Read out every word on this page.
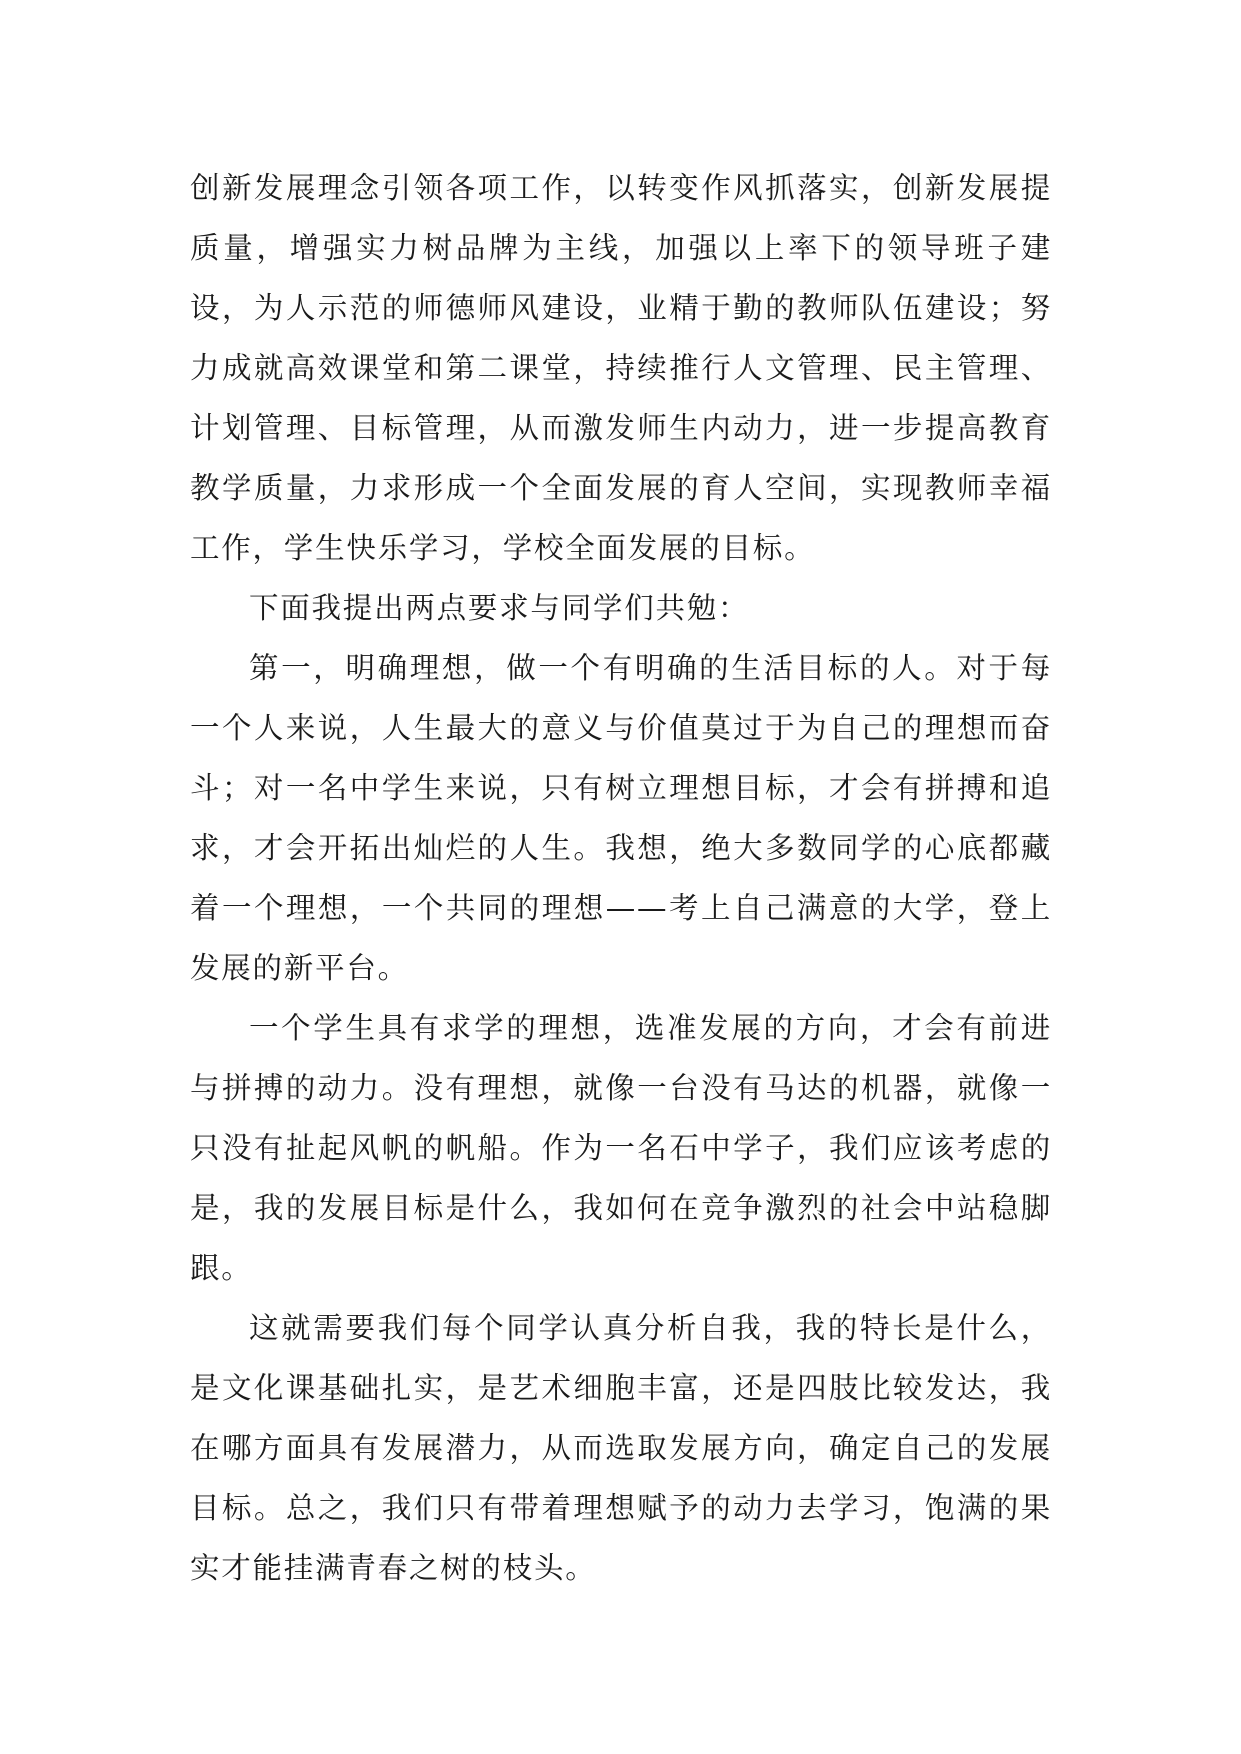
创新发展理念引领各项工作，以转变作风抓落实，创新发展提质量，增强实力树品牌为主线，加强以上率下的领导班子建设，为人示范的师德师风建设，业精于勤的教师队伍建设；努力成就高效课堂和第二课堂，持续推行人文管理、民主管理、计划管理、目标管理，从而激发师生内动力，进一步提高教育教学质量，力求形成一个全面发展的育人空间，实现教师幸福工作，学生快乐学习，学校全面发展的目标。

下面我提出两点要求与同学们共勉：

第一，明确理想，做一个有明确的生活目标的人。对于每一个人来说，人生最大的意义与价值莫过于为自己的理想而奋斗；对一名中学生来说，只有树立理想目标，才会有拼搏和追求，才会开拓出灿烂的人生。我想，绝大多数同学的心底都藏着一个理想，一个共同的理想——考上自己满意的大学，登上发展的新平台。

一个学生具有求学的理想，选准发展的方向，才会有前进与拼搏的动力。没有理想，就像一台没有马达的机器，就像一只没有扯起风帆的帆船。作为一名石中学子，我们应该考虑的是，我的发展目标是什么，我如何在竞争激烈的社会中站稳脚跟。

这就需要我们每个同学认真分析自我，我的特长是什么，是文化课基础扎实，是艺术细胞丰富，还是四肢比较发达，我在哪方面具有发展潜力，从而选取发展方向，确定自己的发展目标。总之，我们只有带着理想赋予的动力去学习，饱满的果实才能挂满青春之树的枝头。
